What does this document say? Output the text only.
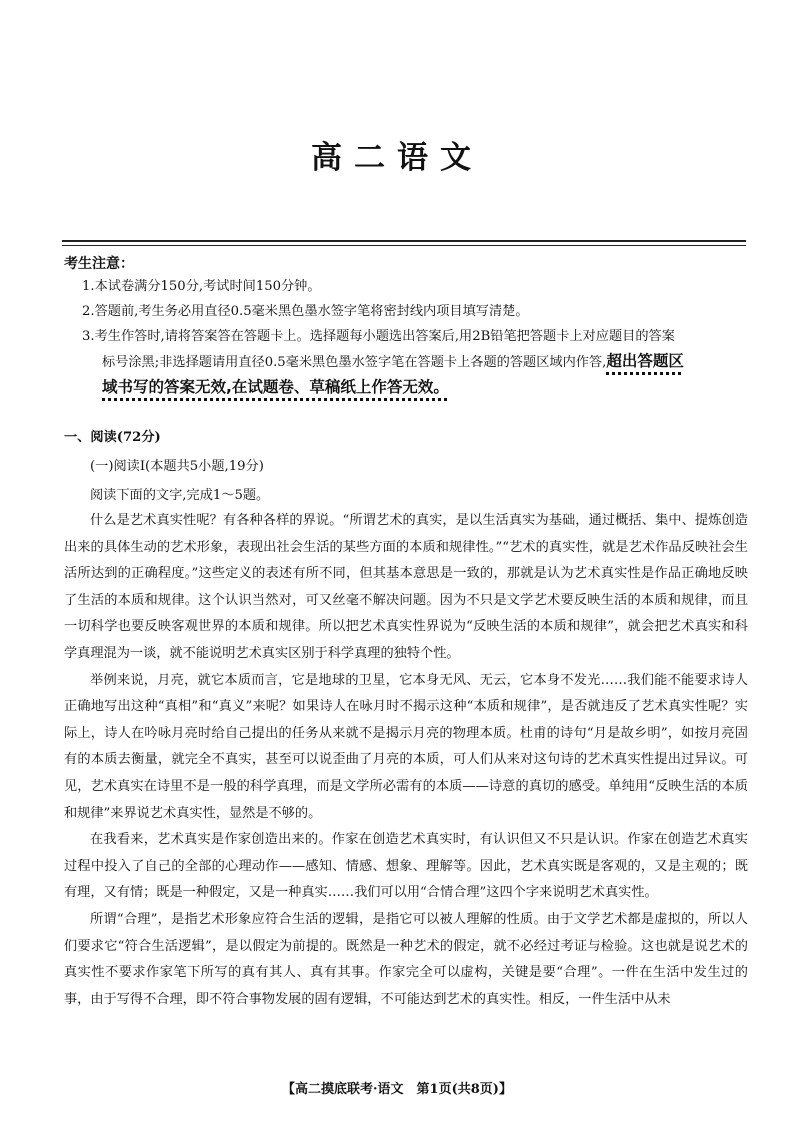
高二语文
考生注意：
1.本试卷满分150分,考试时间150分钟。
2.答题前,考生务必用直径0.5毫米黑色墨水签字笔将密封线内项目填写清楚。
3.考生作答时,请将答案答在答题卡上。选择题每小题选出答案后,用2B铅笔把答题卡上对应题目的答案
标号涂黑;非选择题请用直径0.5毫米黑色墨水签字笔在答题卡上各题的答题区域内作答,超出答题区
域书写的答案无效,在试题卷、草稿纸上作答无效。
一、阅读(72分)
(一)阅读Ⅰ(本题共5小题,19分)
阅读下面的文字,完成1～5题。

什么是艺术真实性呢？有各种各样的界说。“所谓艺术的真实，是以生活真实为基础，通过概括、集中、提炼创造出来的具体生动的艺术形象，表现出社会生活的某些方面的本质和规律性。”“艺术的真实性，就是艺术作品反映社会生活所达到的正确程度。”这些定义的表述有所不同，但其基本意思是一致的，那就是认为艺术真实性是作品正确地反映了生活的本质和规律。这个认识当然对，可又丝毫不解决问题。因为不只是文学艺术要反映生活的本质和规律，而且一切科学也要反映客观世界的本质和规律。所以把艺术真实性界说为“反映生活的本质和规律”，就会把艺术真实和科学真理混为一谈，就不能说明艺术真实区别于科学真理的独特个性。

举例来说，月亮，就它本质而言，它是地球的卫星，它本身无风、无云，它本身不发光……我们能不能要求诗人正确地写出这种“真相”和“真义”来呢？如果诗人在咏月时不揭示这种“本质和规律”，是否就违反了艺术真实性呢？实际上，诗人在吟咏月亮时给自己提出的任务从来就不是揭示月亮的物理本质。杜甫的诗句“月是故乡明”，如按月亮固有的本质去衡量，就完全不真实，甚至可以说歪曲了月亮的本质，可人们从来对这句诗的艺术真实性提出过异议。可见，艺术真实在诗里不是一般的科学真理，而是文学所必需有的本质——诗意的真切的感受。单纯用“反映生活的本质和规律”来界说艺术真实性，显然是不够的。

在我看来，艺术真实是作家创造出来的。作家在创造艺术真实时，有认识但又不只是认识。作家在创造艺术真实过程中投入了自己的全部的心理动作——感知、情感、想象、理解等。因此，艺术真实既是客观的，又是主观的；既有理，又有情；既是一种假定，又是一种真实……我们可以用“合情合理”这四个字来说明艺术真实性。

所谓“合理”，是指艺术形象应符合生活的逻辑，是指它可以被人理解的性质。由于文学艺术都是虚拟的，所以人们要求它“符合生活逻辑”，是以假定为前提的。既然是一种艺术的假定，就不必经过考证与检验。这也就是说艺术的真实性不要求作家笔下所写的真有其人、真有其事。作家完全可以虚构，关键是要“合理”。一件在生活中发生过的事，由于写得不合理，即不符合事物发展的固有逻辑，不可能达到艺术的真实性。相反，一件生活中从未

【高二摸底联考·语文　第1页(共8页)】
